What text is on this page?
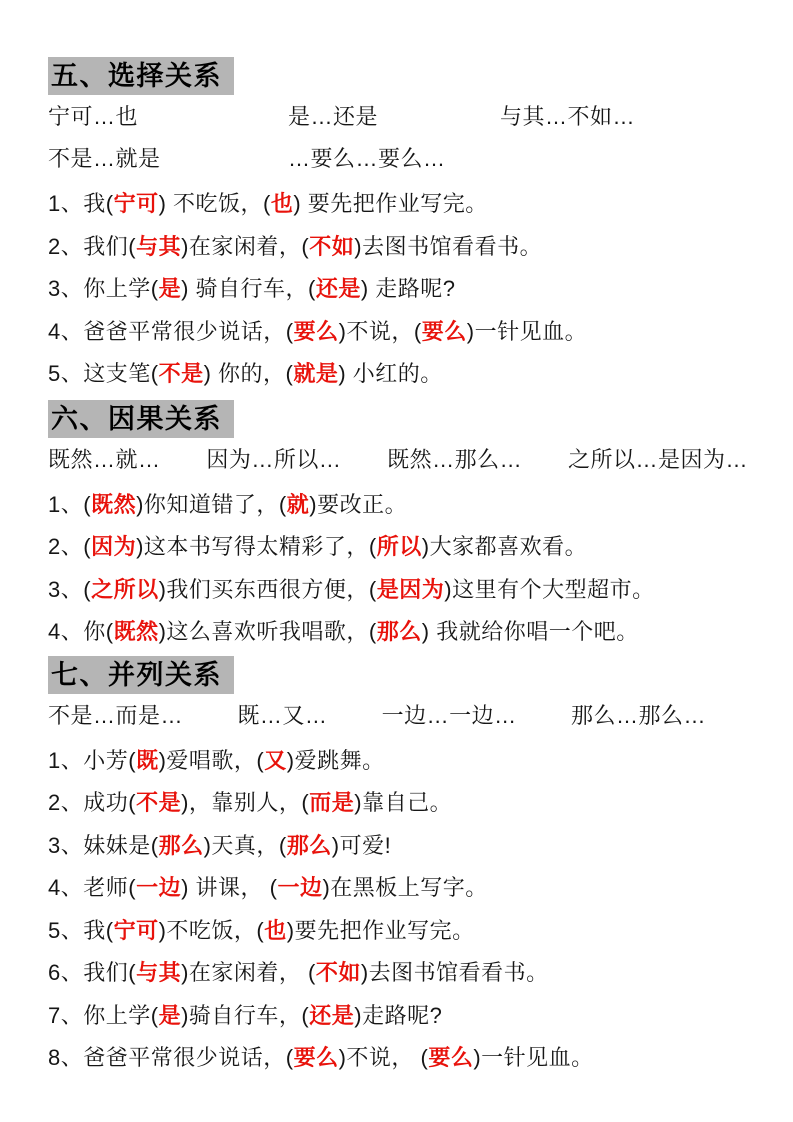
五、选择关系
宁可…也	是…还是	与其…不如…
不是…就是	…要么…要么…
1、我(宁可) 不吃饭，(也) 要先把作业写完。
2、我们(与其)在家闲着，(不如)去图书馆看看书。
3、你上学(是) 骑自行车，(还是) 走路呢?
4、爸爸平常很少说话，(要么)不说，(要么)一针见血。
5、这支笔(不是) 你的，(就是) 小红的。
六、因果关系
既然…就… 因为…所以… 既然…那么… 之所以…是因为…
1、(既然)你知道错了，(就)要改正。
2、(因为)这本书写得太精彩了，(所以)大家都喜欢看。
3、(之所以)我们买东西很方便，(是因为)这里有个大型超市。
4、你(既然)这么喜欢听我唱歌，(那么) 我就给你唱一个吧。
七、并列关系
不是…而是… 既…又… 一边…一边… 那么…那么…
1、小芳(既)爱唱歌，(又)爱跳舞。
2、成功(不是)，靠别人，(而是)靠自己。
3、妹妹是(那么)天真，(那么)可爱!
4、老师(一边) 讲课， (一边)在黑板上写字。
5、我(宁可)不吃饭，(也)要先把作业写完。
6、我们(与其)在家闲着， (不如)去图书馆看看书。
7、你上学(是)骑自行车，(还是)走路呢?
8、爸爸平常很少说话，(要么)不说， (要么)一针见血。
